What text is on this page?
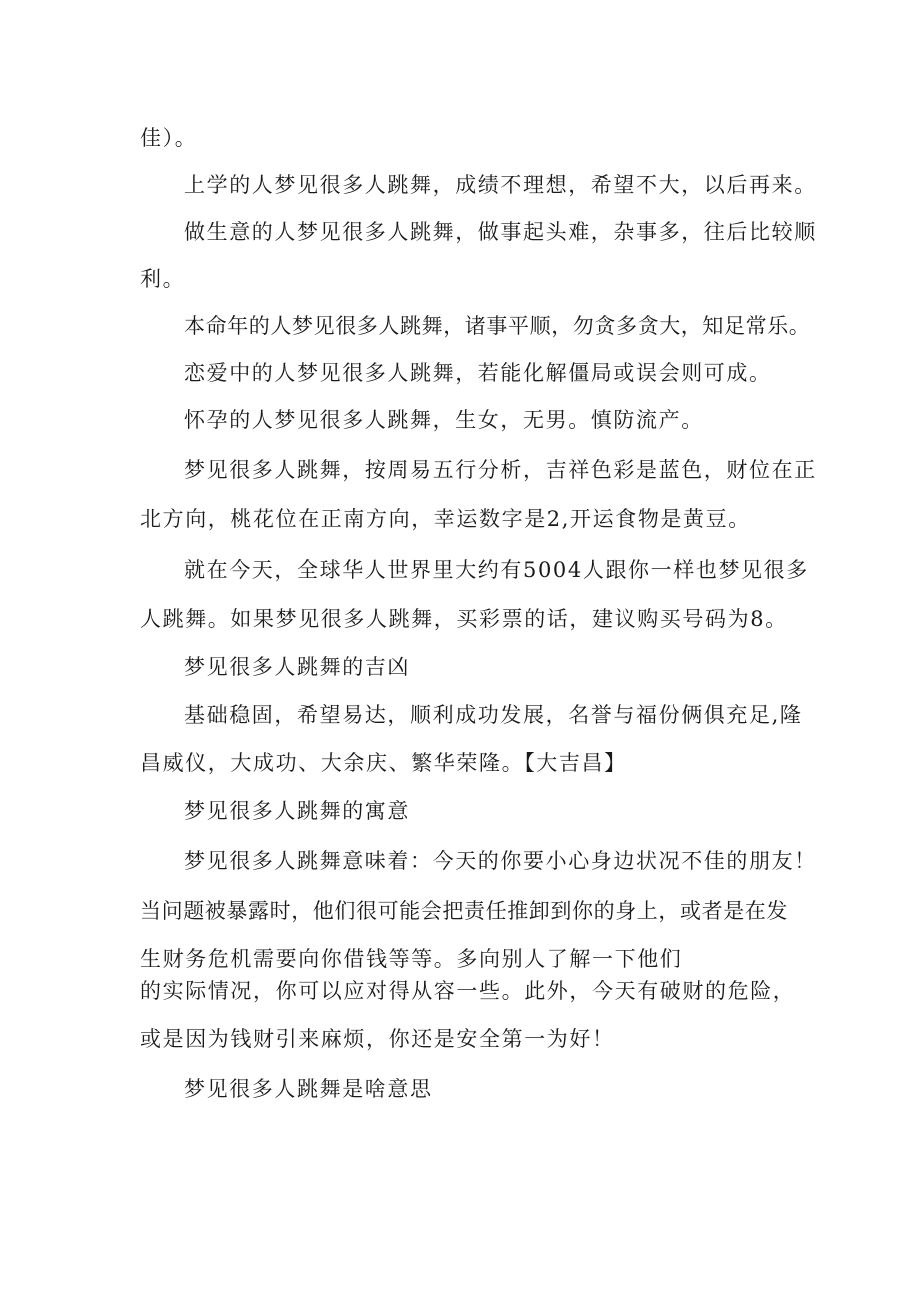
佳）。

上学的人梦见很多人跳舞，成绩不理想，希望不大，以后再来。

做生意的人梦见很多人跳舞，做事起头难，杂事多，往后比较顺

利。

本命年的人梦见很多人跳舞，诸事平顺，勿贪多贪大，知足常乐。

恋爱中的人梦见很多人跳舞，若能化解僵局或误会则可成。

怀孕的人梦见很多人跳舞，生女，无男。慎防流产。

梦见很多人跳舞，按周易五行分析，吉祥色彩是蓝色，财位在正

北方向，桃花位在正南方向，幸运数字是2,开运食物是黄豆。

就在今天，全球华人世界里大约有5004人跟你一样也梦见很多

人跳舞。如果梦见很多人跳舞，买彩票的话，建议购买号码为8。

梦见很多人跳舞的吉凶

基础稳固，希望易达，顺利成功发展，名誉与福份俩俱充足,隆

昌威仪，大成功、大余庆、繁华荣隆。【大吉昌】

梦见很多人跳舞的寓意

梦见很多人跳舞意味着：今天的你要小心身边状况不佳的朋友！

当问题被暴露时，他们很可能会把责任推卸到你的身上，或者是在发

生财务危机需要向你借钱等等。多向别人了解一下他们

的实际情况，你可以应对得从容一些。此外，今天有破财的危险，

或是因为钱财引来麻烦，你还是安全第一为好！

梦见很多人跳舞是啥意思
